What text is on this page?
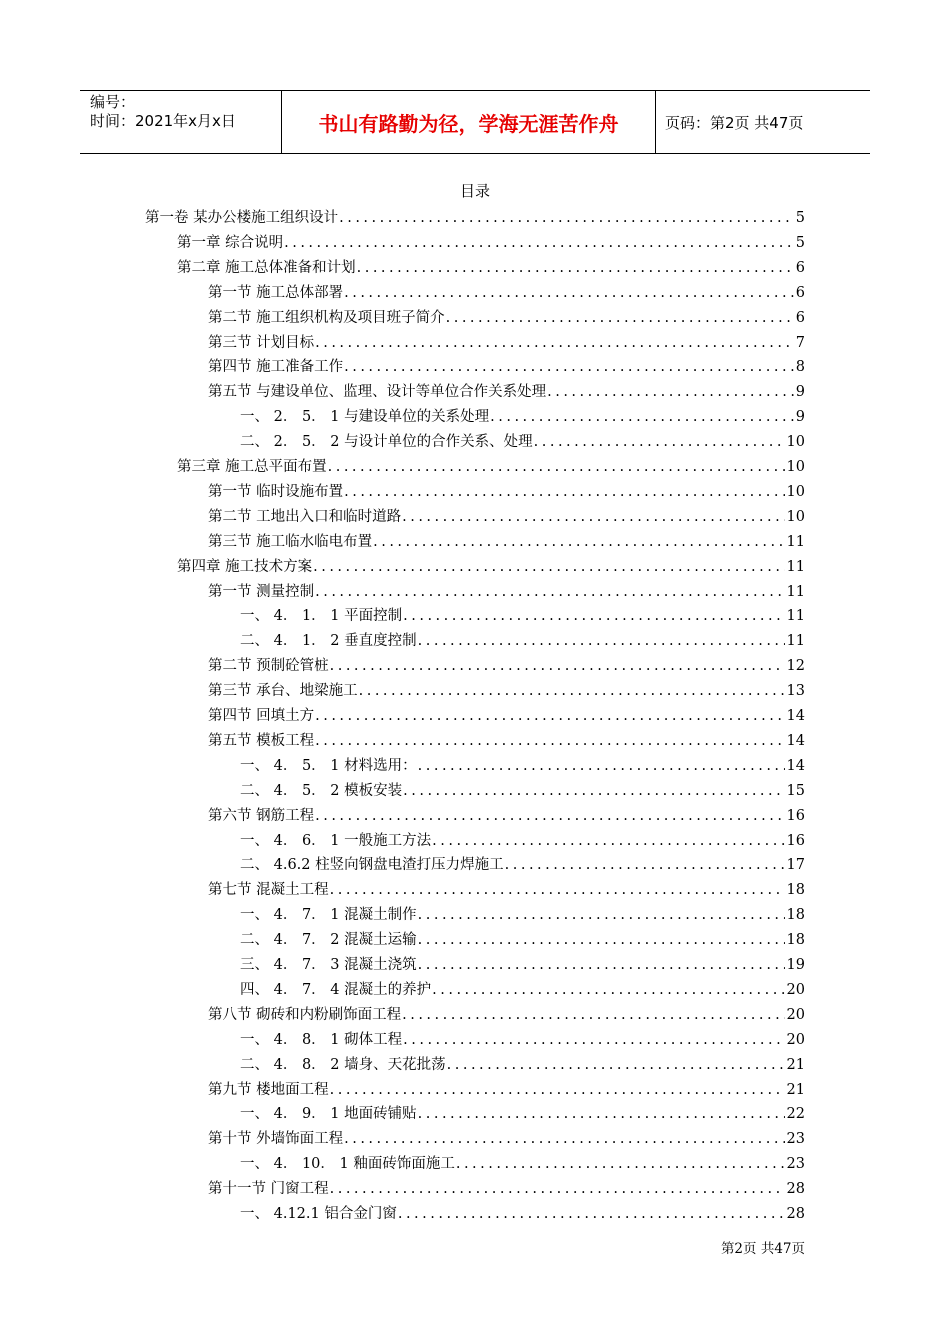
编号：
时间：2021年x月x日	书山有路勤为径，学海无涯苦作舟	页码：第2页 共47页
目录
第一卷 某办公楼施工组织设计 .....	5
第一章 综合说明 .....	5
第二章 施工总体准备和计划 .....	6
第一节 施工总体部署 .....	6
第二节 施工组织机构及项目班子简介 .....	6
第三节 计划目标 .....	7
第四节 施工准备工作 .....	8
第五节 与建设单位、监理、设计等单位合作关系处理 .....	9
一、 2． 5． 1 与建设单位的关系处理 .....	9
二、 2． 5． 2 与设计单位的合作关系、处理 .....	10
第三章 施工总平面布置 .....	10
第一节 临时设施布置 .....	10
第二节 工地出入口和临时道路 .....	10
第三节 施工临水临电布置 .....	11
第四章 施工技术方案 .....	11
第一节 测量控制 .....	11
一、 4． 1． 1 平面控制 .....	11
二、 4． 1． 2 垂直度控制 .....	11
第二节 预制砼管桩 .....	12
第三节 承台、地梁施工 .....	13
第四节 回填土方 .....	14
第五节 模板工程 .....	14
一、 4． 5． 1 材料选用： .....	14
二、 4． 5． 2 模板安装 .....	15
第六节 钢筋工程 .....	16
一、 4． 6． 1 一般施工方法 .....	16
二、 4.6.2 柱竖向钢盘电渣打压力焊施工 .....	17
第七节 混凝土工程 .....	18
一、 4． 7． 1 混凝土制作 .....	18
二、 4． 7． 2 混凝土运输 .....	18
三、 4． 7． 3 混凝土浇筑 .....	19
四、 4． 7． 4 混凝土的养护 .....	20
第八节 砌砖和内粉刷饰面工程 .....	20
一、 4． 8． 1 砌体工程 .....	20
二、 4． 8． 2 墙身、天花批荡 .....	21
第九节 楼地面工程 .....	21
一、 4． 9． 1 地面砖铺贴 .....	22
第十节 外墙饰面工程 .....	23
一、 4． 10． 1 釉面砖饰面施工 .....	23
第十一节 门窗工程 .....	28
一、 4.12.1 铝合金门窗 .....	28
第2页 共47页
